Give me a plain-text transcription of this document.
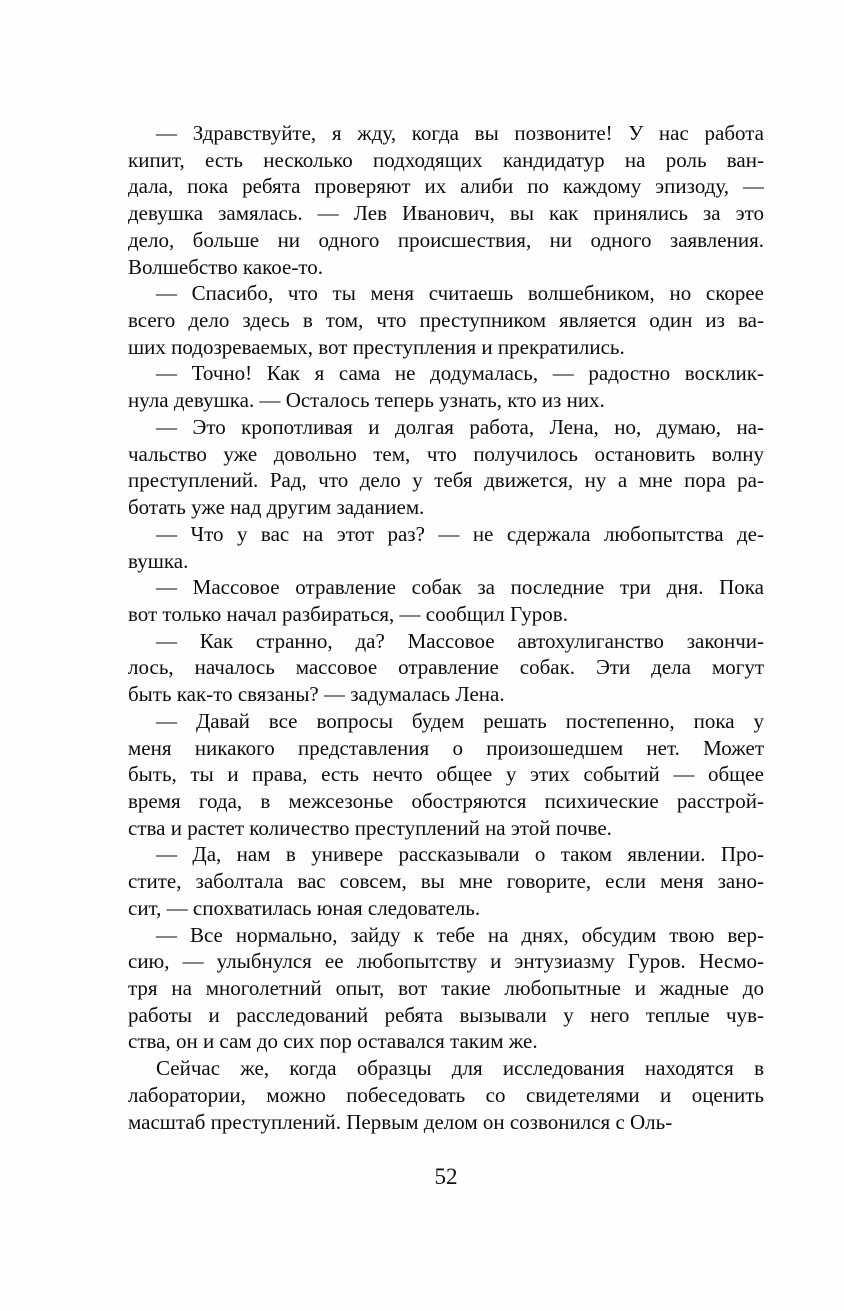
— Здравствуйте, я жду, когда вы позвоните! У нас работа
кипит, есть несколько подходящих кандидатур на роль ван-
дала, пока ребята проверяют их алиби по каждому эпизоду, —
девушка замялась. — Лев Иванович, вы как принялись за это
дело, больше ни одного происшествия, ни одного заявления.
Волшебство какое-то.
— Спасибо, что ты меня считаешь волшебником, но скорее
всего дело здесь в том, что преступником является один из ва-
ших подозреваемых, вот преступления и прекратились.
— Точно! Как я сама не додумалась, — радостно восклик-
нула девушка. — Осталось теперь узнать, кто из них.
— Это кропотливая и долгая работа, Лена, но, думаю, на-
чальство уже довольно тем, что получилось остановить волну
преступлений. Рад, что дело у тебя движется, ну а мне пора ра-
ботать уже над другим заданием.
— Что у вас на этот раз? — не сдержала любопытства де-
вушка.
— Массовое отравление собак за последние три дня. Пока
вот только начал разбираться, — сообщил Гуров.
— Как странно, да? Массовое автохулиганство закончи-
лось, началось массовое отравление собак. Эти дела могут
быть как-то связаны? — задумалась Лена.
— Давай все вопросы будем решать постепенно, пока у
меня никакого представления о произошедшем нет. Может
быть, ты и права, есть нечто общее у этих событий — общее
время года, в межсезонье обостряются психические расстрой-
ства и растет количество преступлений на этой почве.
— Да, нам в универе рассказывали о таком явлении. Про-
стите, заболтала вас совсем, вы мне говорите, если меня зано-
сит, — спохватилась юная следователь.
— Все нормально, зайду к тебе на днях, обсудим твою вер-
сию, — улыбнулся ее любопытству и энтузиазму Гуров. Несмо-
тря на многолетний опыт, вот такие любопытные и жадные до
работы и расследований ребята вызывали у него теплые чув-
ства, он и сам до сих пор оставался таким же.
Сейчас же, когда образцы для исследования находятся в
лаборатории, можно побеседовать со свидетелями и оценить
масштаб преступлений. Первым делом он созвонился с Оль-
52
